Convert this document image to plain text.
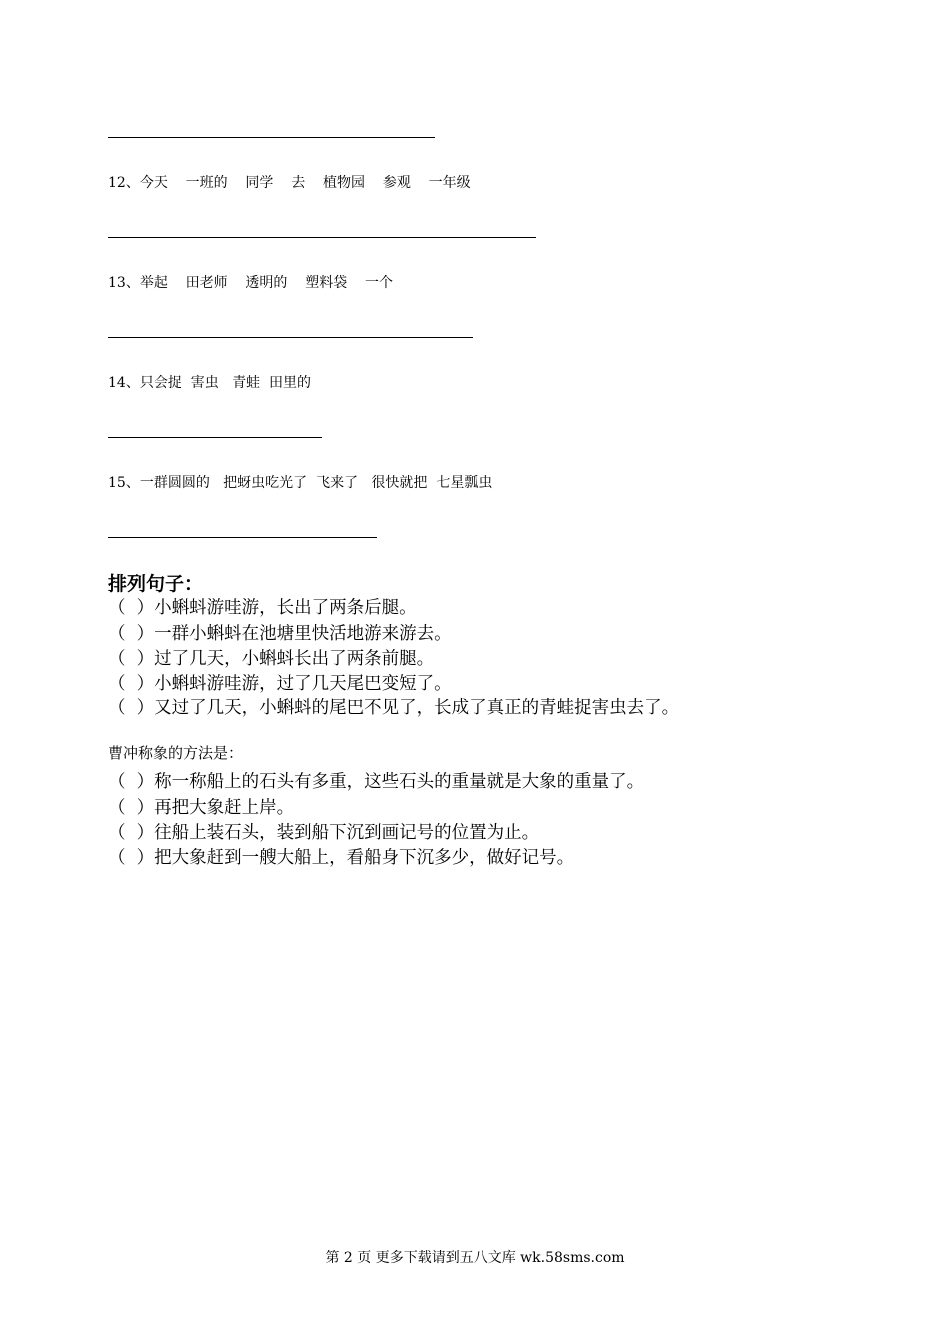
12、今天    一班的    同学    去    植物园    参观    一年级
13、举起    田老师    透明的    塑料袋    一个
14、只会捉  害虫   青蛙  田里的
15、一群圆圆的   把蚜虫吃光了  飞来了   很快就把  七星瓢虫
排列句子：
（  ）小蝌蚪游哇游，长出了两条后腿。
（  ）一群小蝌蚪在池塘里快活地游来游去。
（  ）过了几天，小蝌蚪长出了两条前腿。
（  ）小蝌蚪游哇游，过了几天尾巴变短了。
（  ）又过了几天，小蝌蚪的尾巴不见了，长成了真正的青蛙捉害虫去了。
曹冲称象的方法是：
（  ）称一称船上的石头有多重，这些石头的重量就是大象的重量了。
（  ）再把大象赶上岸。
（  ）往船上装石头，装到船下沉到画记号的位置为止。
（  ）把大象赶到一艘大船上，看船身下沉多少，做好记号。
第 2 页 更多下载请到五八文库 wk.58sms.com
